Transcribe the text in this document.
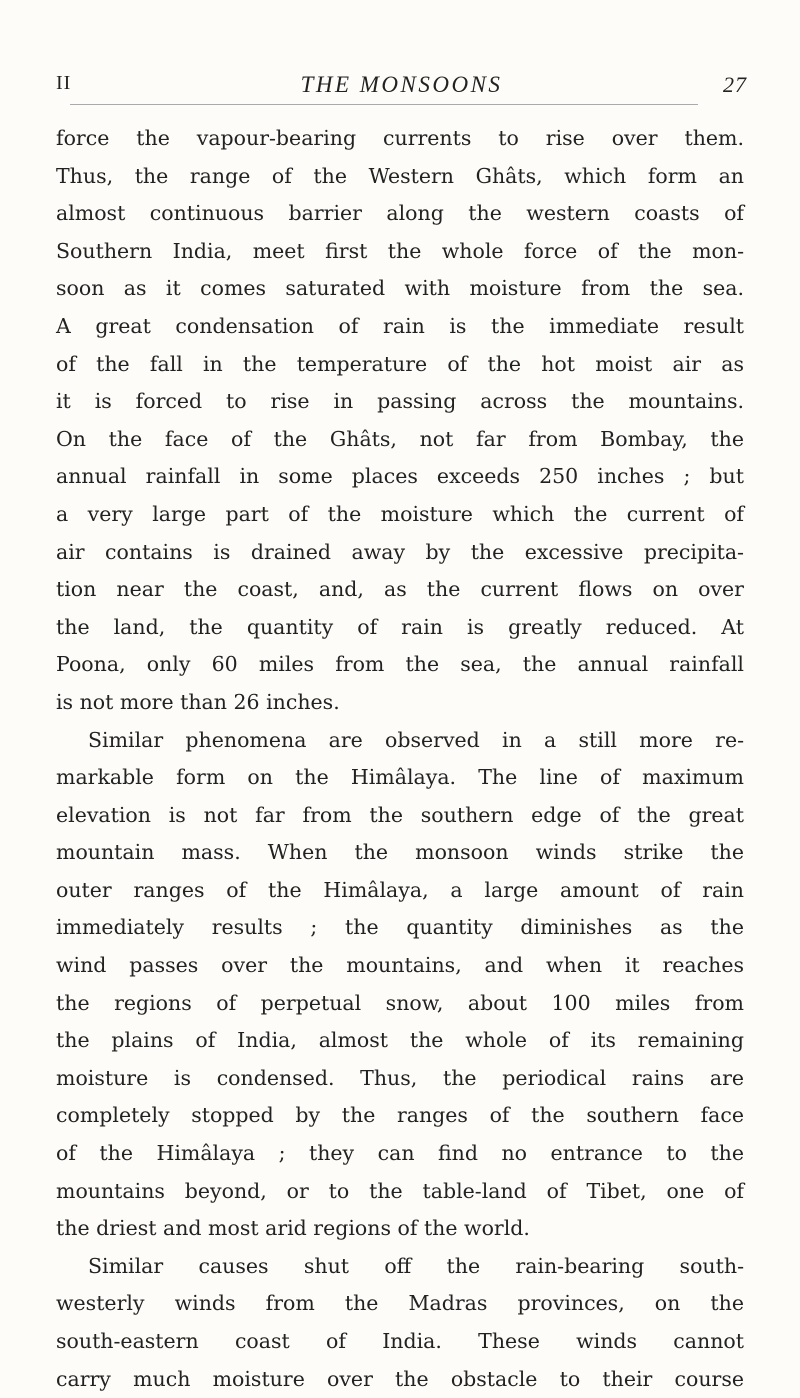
II	THE MONSOONS	27
force the vapour-bearing currents to rise over them.
Thus, the range of the Western Ghâts, which form an
almost continuous barrier along the western coasts of
Southern India, meet first the whole force of the mon-
soon as it comes saturated with moisture from the sea.
A great condensation of rain is the immediate result
of the fall in the temperature of the hot moist air as
it is forced to rise in passing across the mountains.
On the face of the Ghâts, not far from Bombay, the
annual rainfall in some places exceeds 250 inches ; but
a very large part of the moisture which the current of
air contains is drained away by the excessive precipita-
tion near the coast, and, as the current flows on over
the land, the quantity of rain is greatly reduced. At
Poona, only 60 miles from the sea, the annual rainfall
is not more than 26 inches.
Similar phenomena are observed in a still more re-
markable form on the Himâlaya. The line of maximum
elevation is not far from the southern edge of the great
mountain mass. When the monsoon winds strike the
outer ranges of the Himâlaya, a large amount of rain
immediately results ; the quantity diminishes as the
wind passes over the mountains, and when it reaches
the regions of perpetual snow, about 100 miles from
the plains of India, almost the whole of its remaining
moisture is condensed. Thus, the periodical rains are
completely stopped by the ranges of the southern face
of the Himâlaya ; they can find no entrance to the
mountains beyond, or to the table-land of Tibet, one of
the driest and most arid regions of the world.
Similar causes shut off the rain-bearing south-
westerly winds from the Madras provinces, on the
south-eastern coast of India. These winds cannot
carry much moisture over the obstacle to their course
